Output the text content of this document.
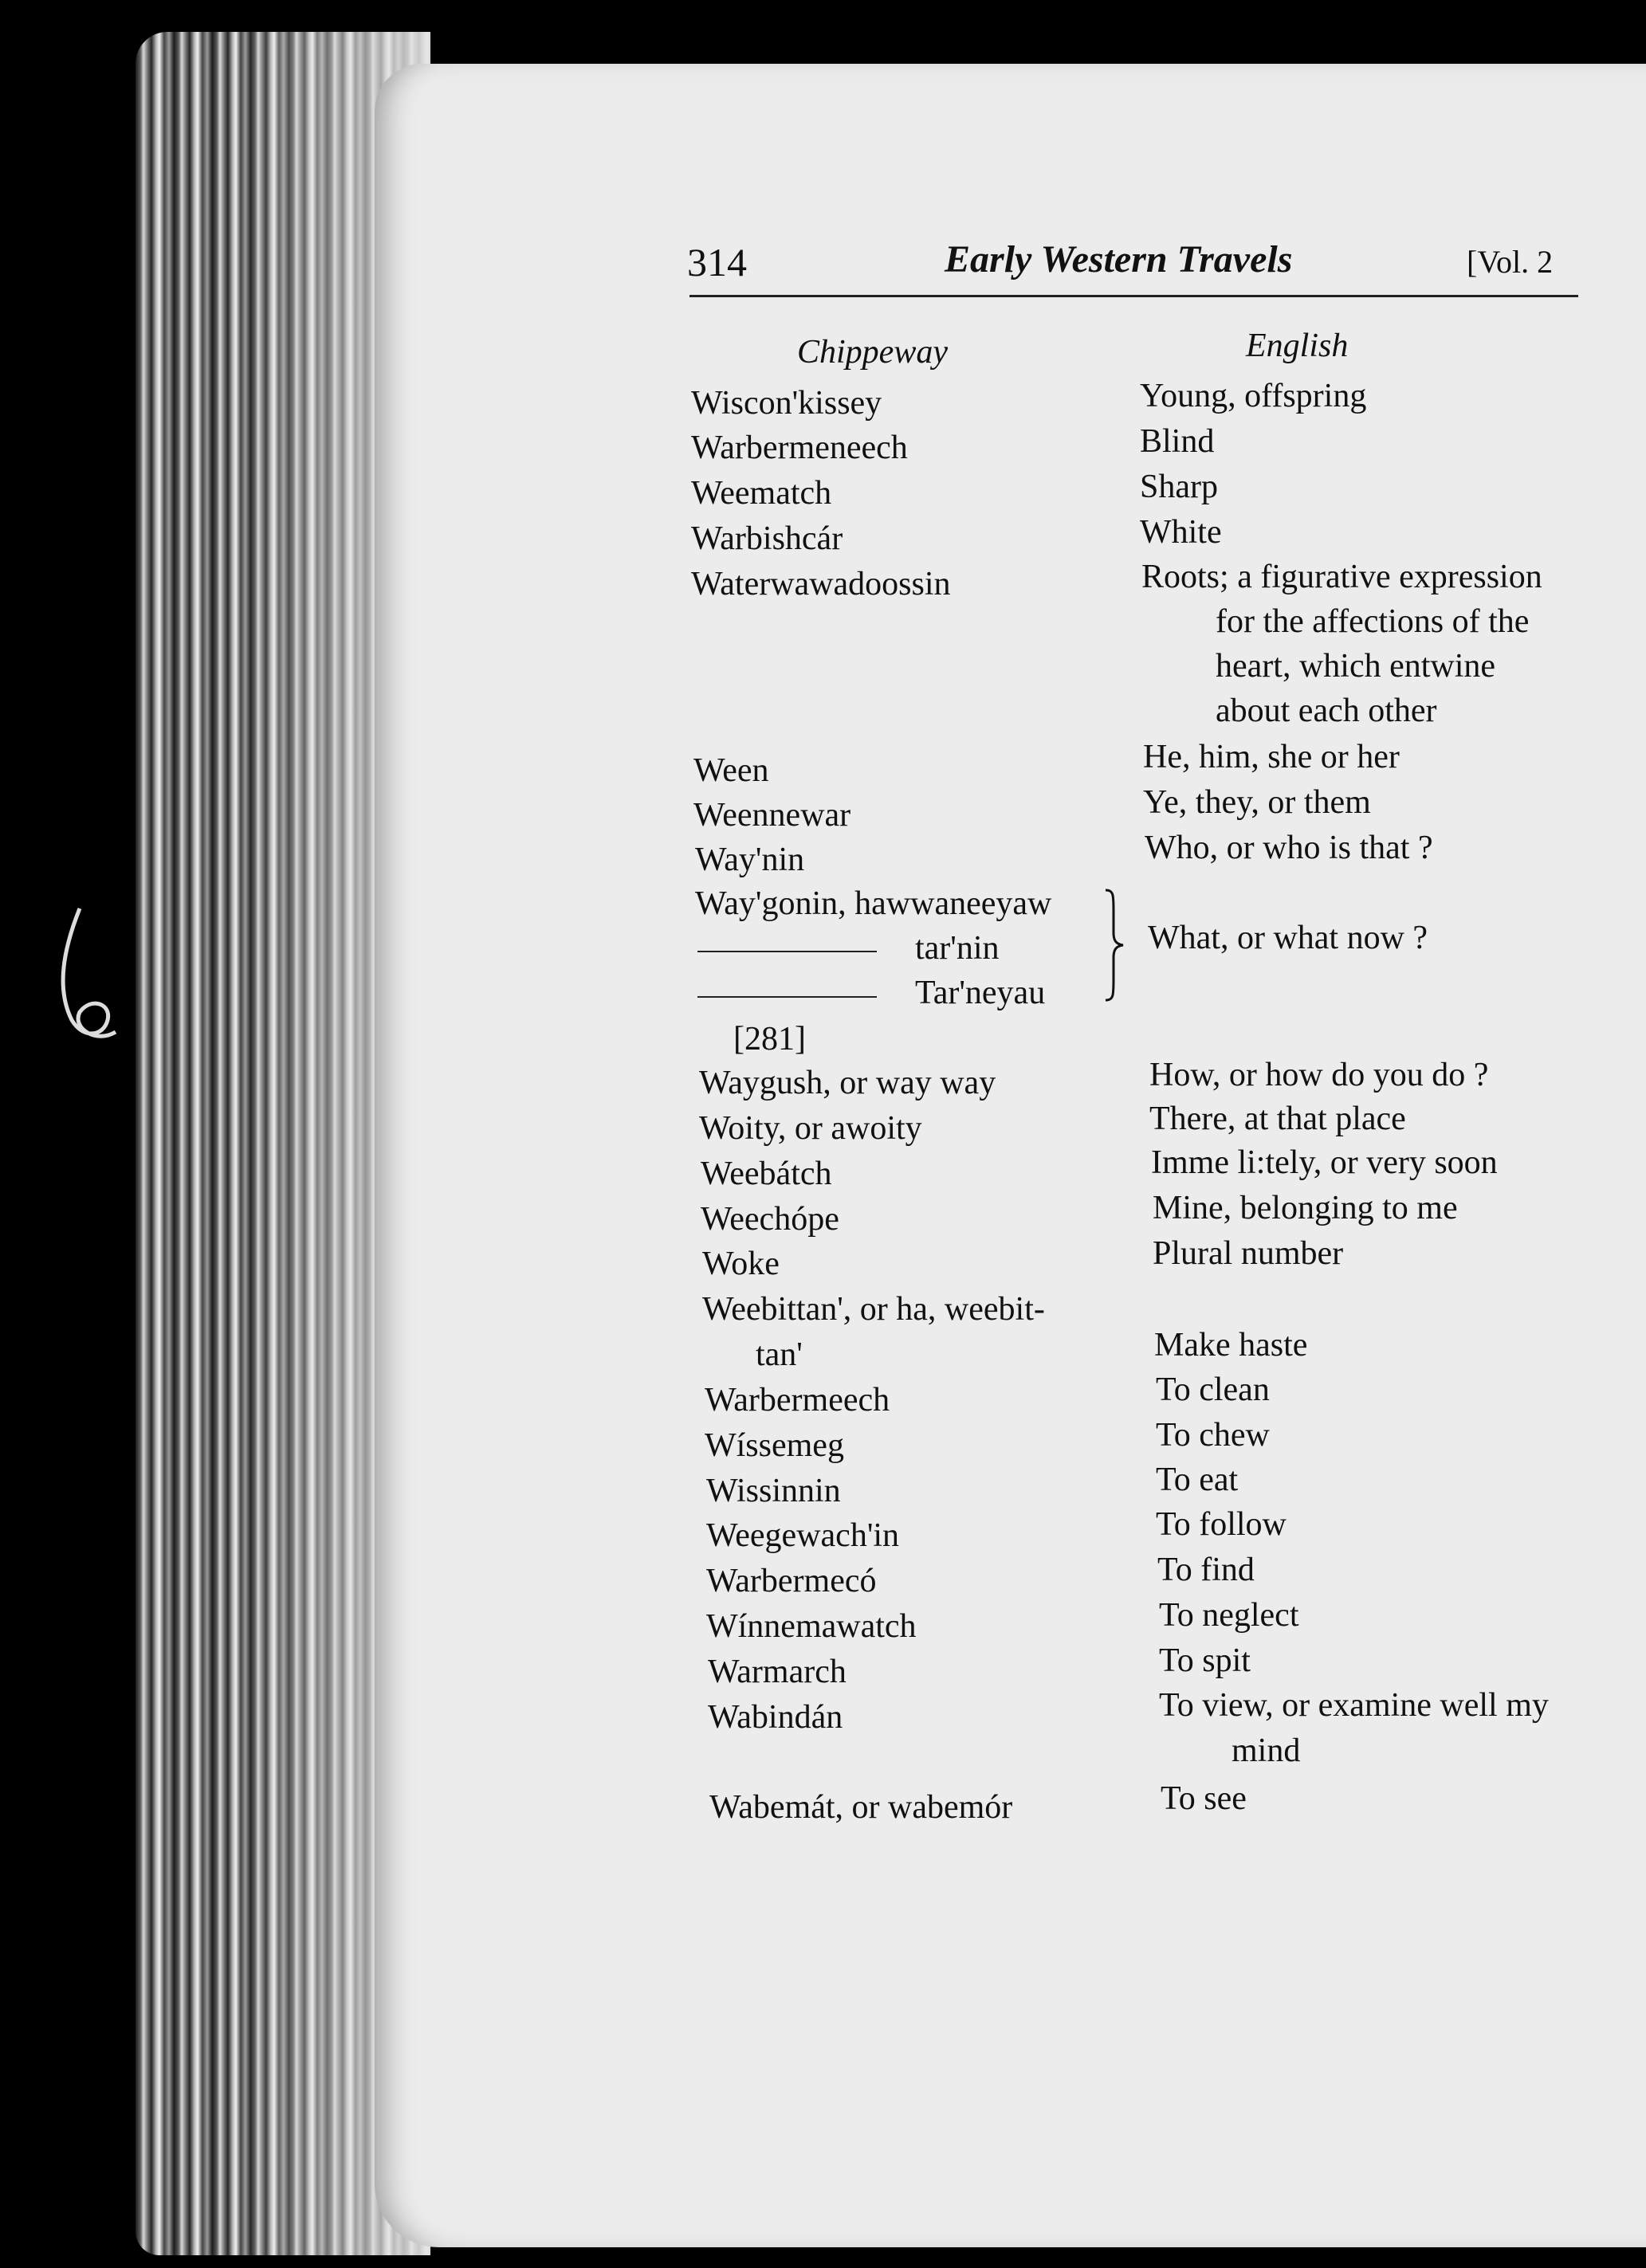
314	Early Western Travels	[Vol. 2
Chippeway	English
Wiscon'kissey	Young, offspring
Warbermeneech	Blind
Weematch	Sharp
Warbishcár	White
Waterwawadoossin	Roots; a figurative expression
for the affections of the
heart, which entwine
about each other
Ween	He, him, she or her
Weennewar	Ye, they, or them
Way'nin	Who, or who is that ?
Way'gonin, hawwaneeyaw
tar'nin
Tar'neyau
What, or what now ?
[281]
Waygush, or way way	How, or how do you do ?
Woity, or awoity	There, at that place
Weebátch	Imme li:tely, or very soon
Weechópe	Mine, belonging to me
Woke	Plural number
Weebittan', or ha, weebit-
tan'	Make haste
Warbermeech	To clean
Wíssemeg	To chew
Wissinnin	To eat
Weegewach'in	To follow
Warbermecó	To find
Wínnemawatch	To neglect
Warmarch	To spit
Wabindán	To view, or examine well my
mind
Wabemát, or wabemór	To see
